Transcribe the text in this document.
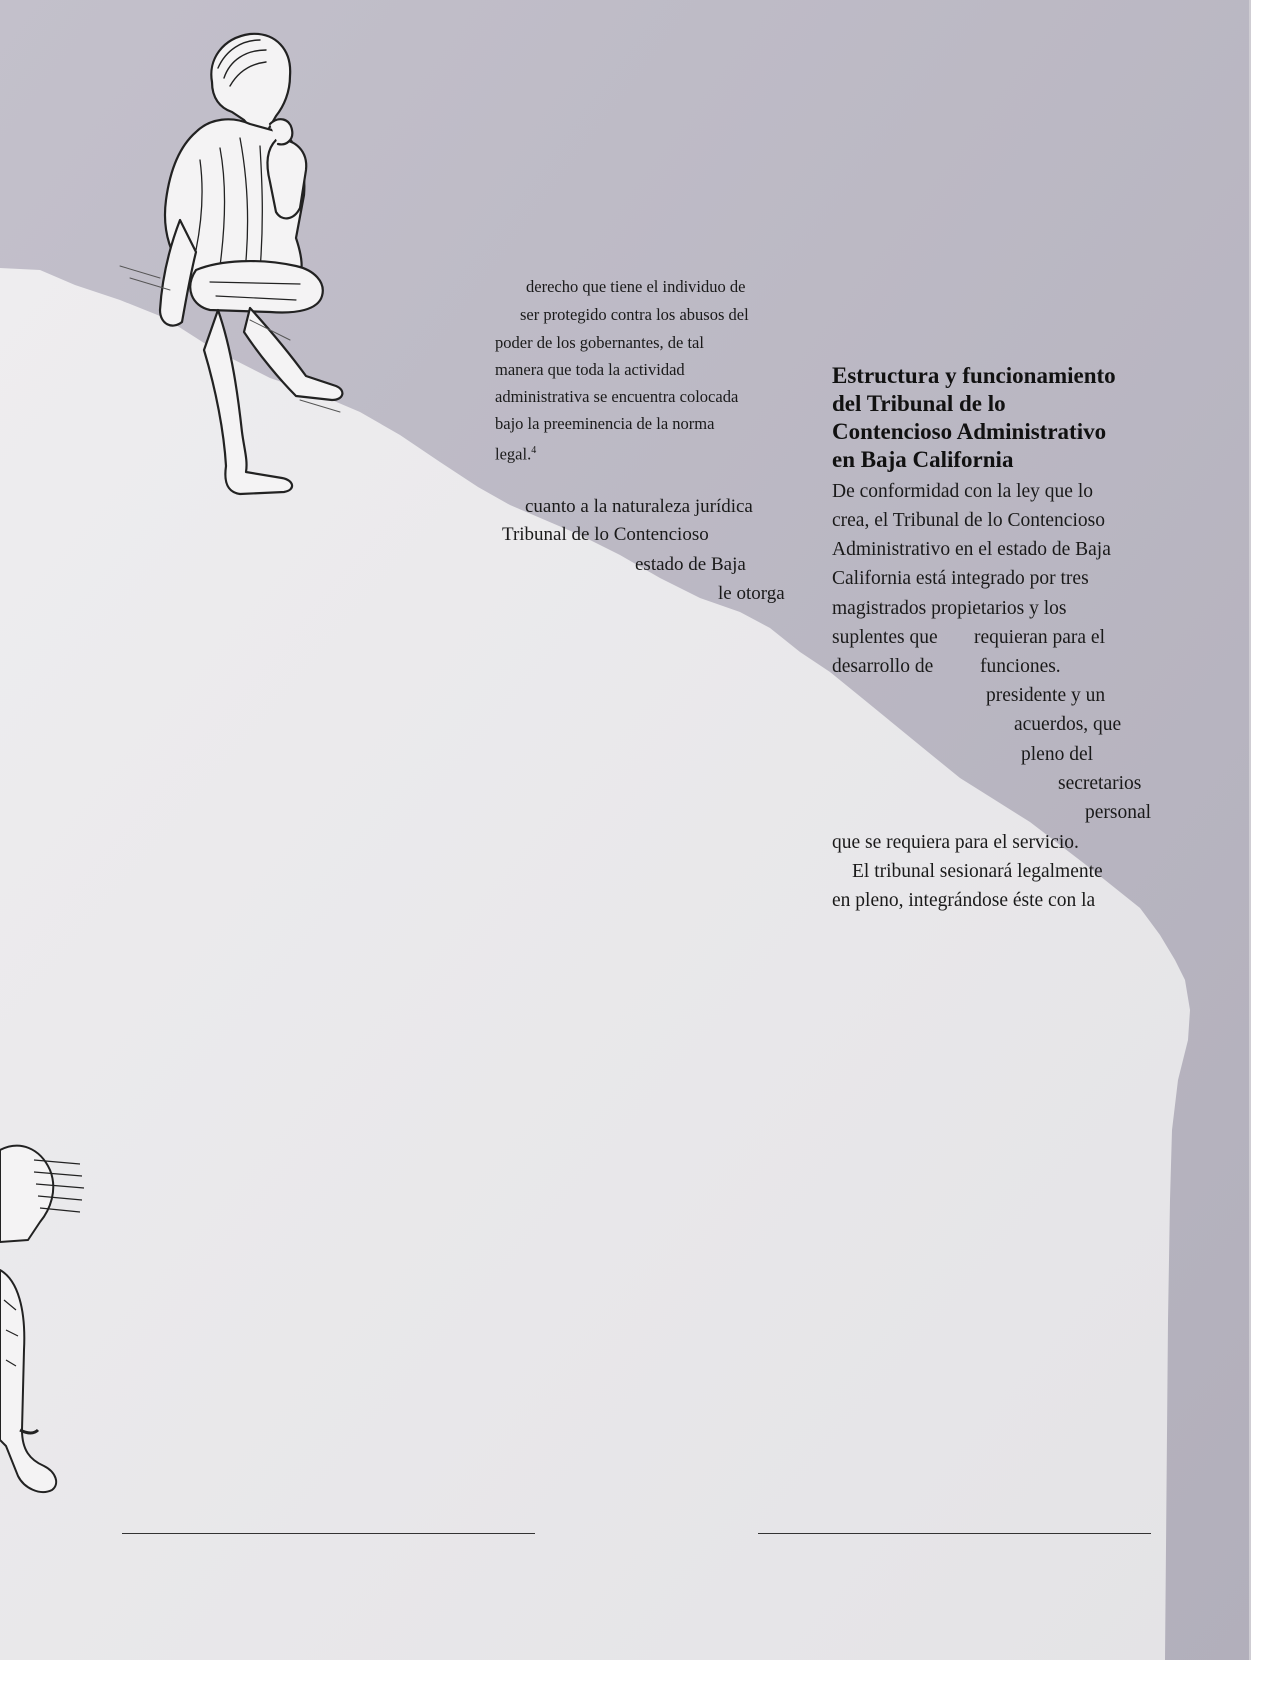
derecho que tiene el individuo de
ser protegido contra los abusos del
poder de los gobernantes, de tal
manera que toda la actividad
administrativa se encuentra colocada
bajo la preeminencia de la norma
legal.$^4$
cuanto a la naturaleza jurídica
Tribunal de lo Contencioso
estado de Baja
le otorga
Estructura y funcionamiento
del Tribunal de lo
Contencioso Administrativo
en Baja California
De conformidad con la ley que lo
crea, el Tribunal de lo Contencioso
Administrativo en el estado de Baja
California está integrado por tres
magistrados propietarios y los
suplentes que requieran para el
desarrollo de funciones.
presidente y un
acuerdos, que
pleno del
secretarios
personal
que se requiera para el servicio.
El tribunal sesionará legalmente
en pleno, integrándose éste con la
